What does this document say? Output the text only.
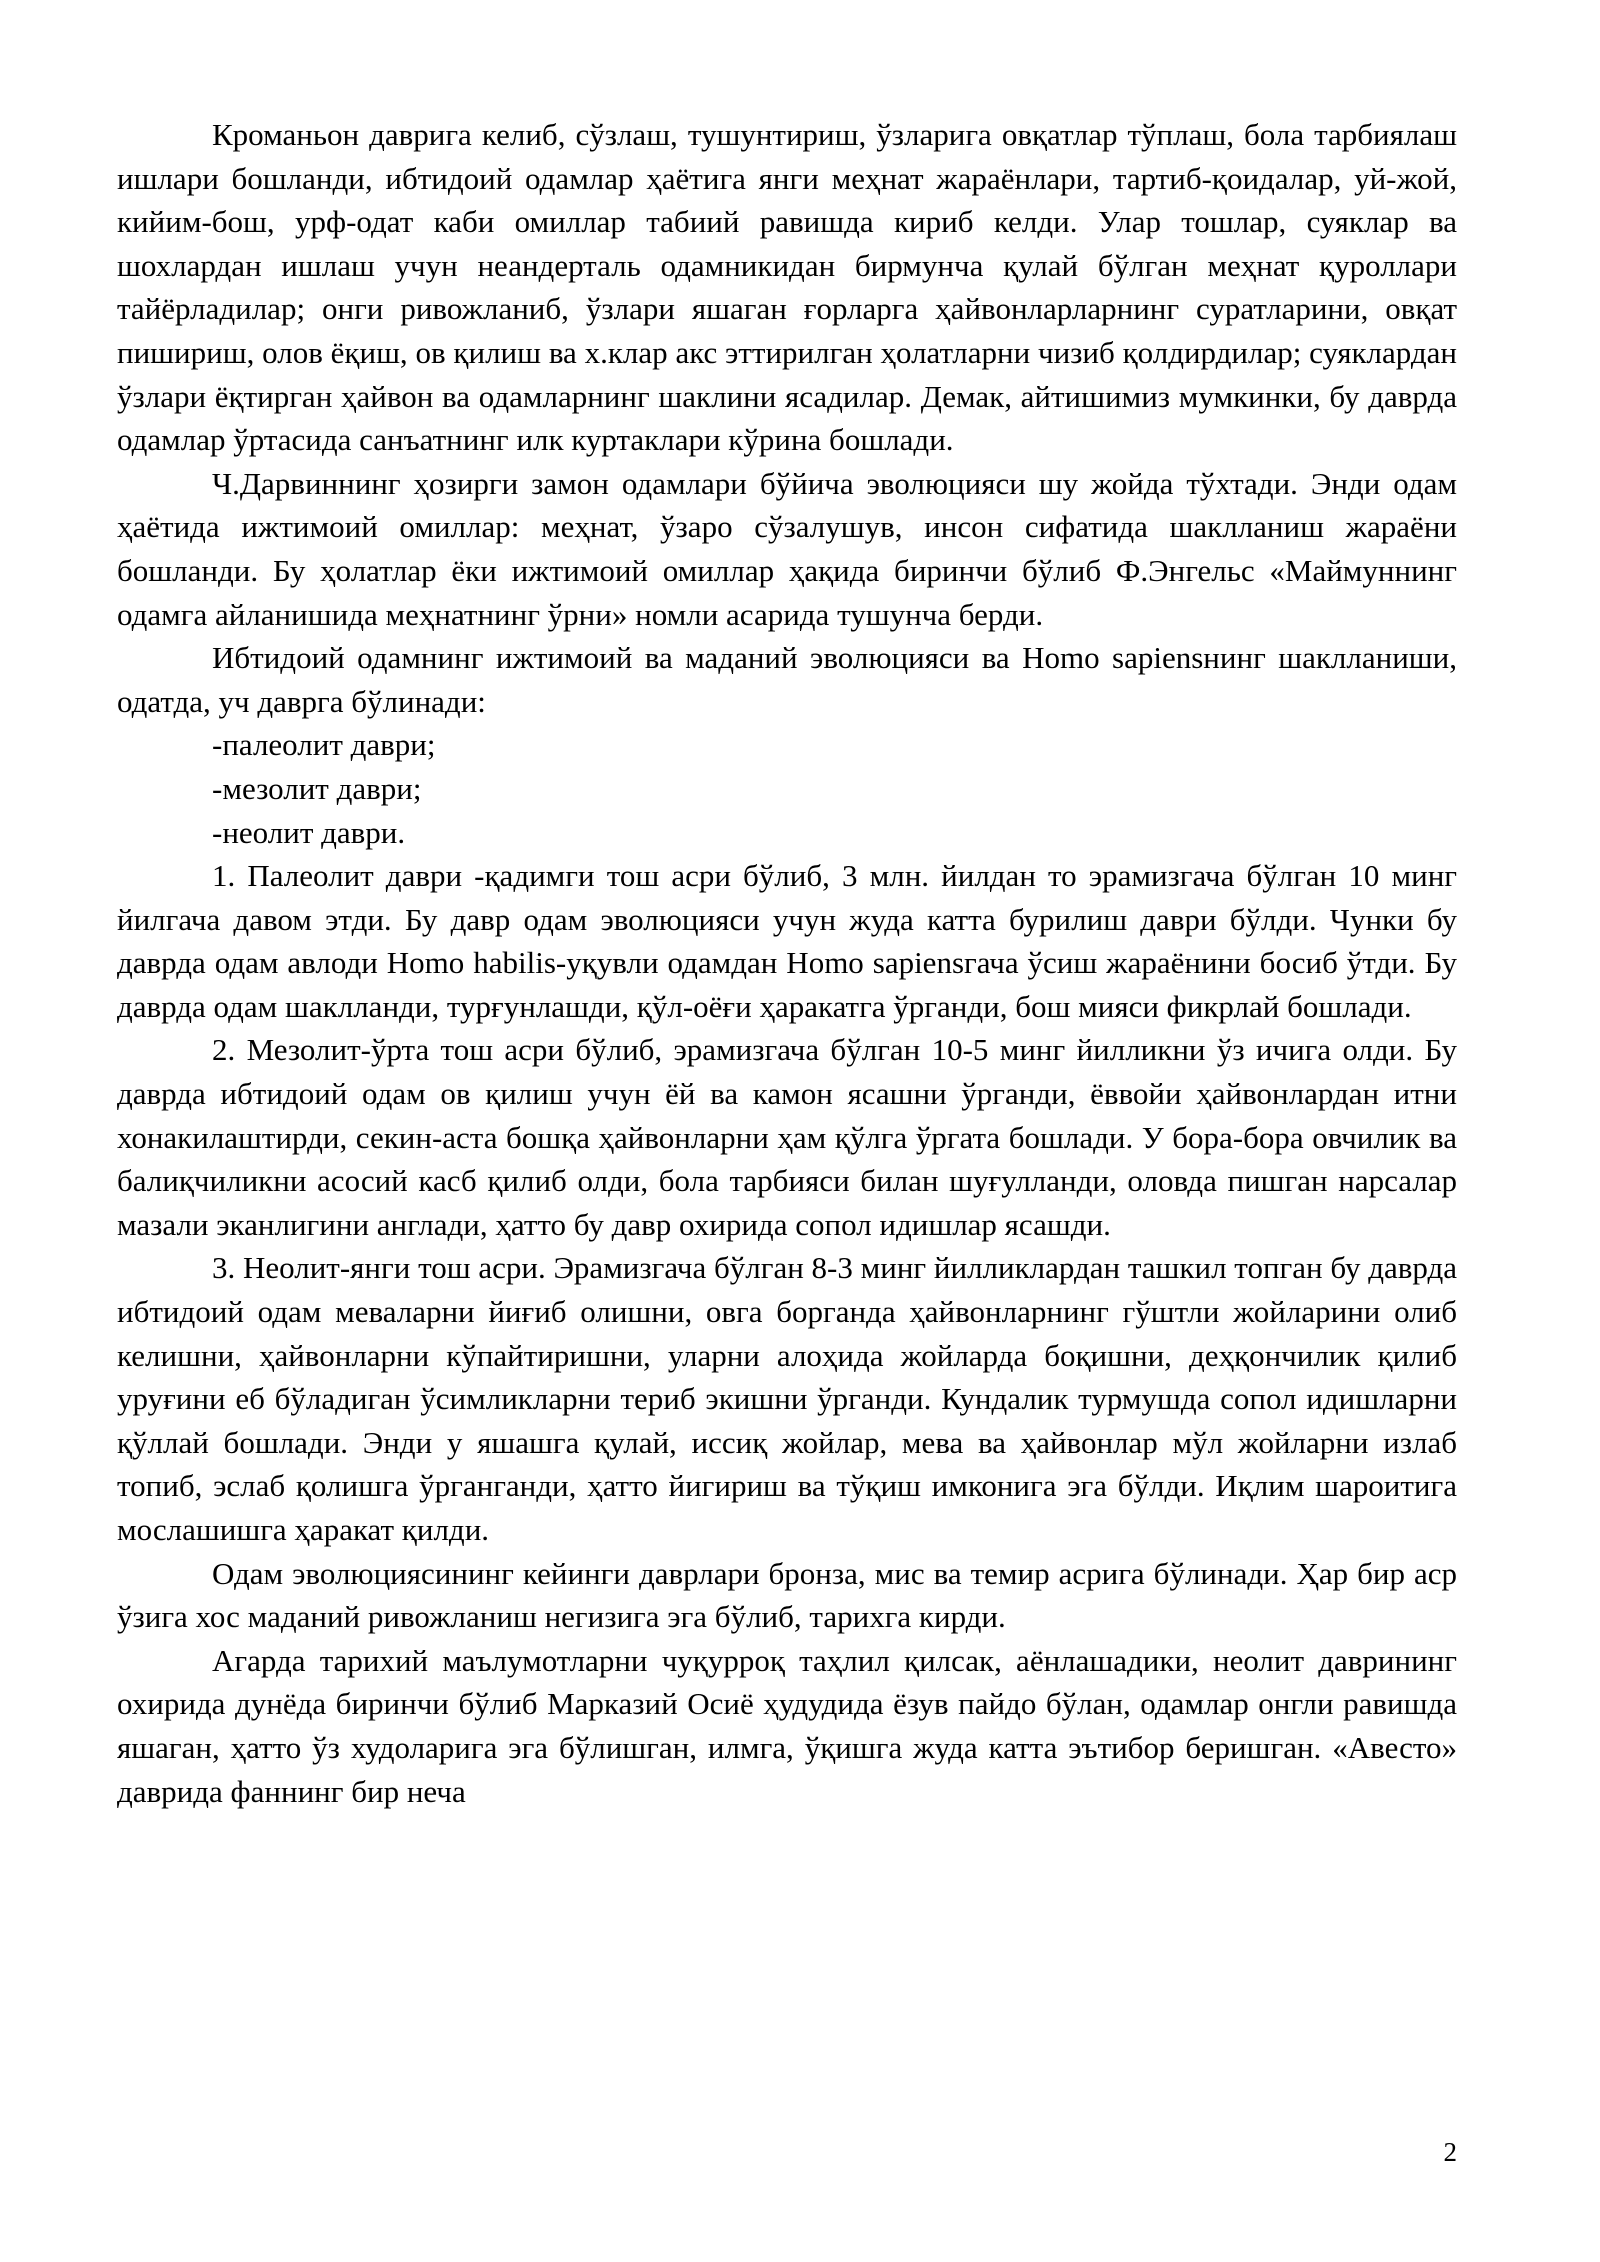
Кроманьон даврига келиб, сўзлаш, тушунтириш, ўзларига овқатлар тўплаш, бола тарбиялаш ишлари бошланди, ибтидоий одамлар ҳаётига янги меҳнат жараёнлари, тартиб-қоидалар, уй-жой, кийим-бош, урф-одат каби омиллар табиий равишда кириб келди. Улар тошлар, суяклар ва шохлардан ишлаш учун неандерталь одамникидан бирмунча қулай бўлган меҳнат қуроллари тайёрладилар; онги ривожланиб, ўзлари яшаган ғорларга ҳайвонларларнинг суратларини, овқат пишириш, олов ёқиш, ов қилиш ва х.клар акс эттирилган ҳолатларни чизиб қолдирдилар; суяклардан ўзлари ёқтирган ҳайвон ва одамларнинг шаклини ясадилар. Демак, айтишимиз мумкинки, бу даврда одамлар ўртасида санъатнинг илк куртаклари кўрина бошлади.

Ч.Дарвиннинг ҳозирги замон одамлари бўйича эволюцияси шу жойда тўхтади. Энди одам ҳаётида ижтимоий омиллар: меҳнат, ўзаро сўзалушув, инсон сифатида шаклланиш жараёни бошланди. Бу ҳолатлар ёки ижтимоий омиллар ҳақида биринчи бўлиб Ф.Энгельс «Маймуннинг одамга айланишида меҳнатнинг ўрни» номли асарида тушунча берди.

Ибтидоий одамнинг ижтимоий ва маданий эволюцияси ва Homo sapiensнинг шаклланиши, одатда, уч даврга бўлинади:

-палеолит даври;

-мезолит даври;

-неолит даври.

1. Палеолит даври -қадимги тош асри бўлиб, 3 млн. йилдан то эрамизгача бўлган 10 минг йилгача давом этди. Бу давр одам эволюцияси учун жуда катта бурилиш даври бўлди. Чунки бу даврда одам авлоди Homo habilis-уқувли одамдан Homo sapiensгача ўсиш жараёнини босиб ўтди. Бу даврда одам шаклланди, турғунлашди, қўл-оёғи ҳаракатга ўрганди, бош мияси фикрлай бошлади.

2. Мезолит-ўрта тош асри бўлиб, эрамизгача бўлган 10-5 минг йилликни ўз ичига олди. Бу даврда ибтидоий одам ов қилиш учун ёй ва камон ясашни ўрганди, ёввойи ҳайвонлардан итни хонакилаштирди, секин-аста бошқа ҳайвонларни ҳам қўлга ўргата бошлади. У бора-бора овчилик ва балиқчиликни асосий касб қилиб олди, бола тарбияси билан шуғулланди, оловда пишган нарсалар мазали эканлигини англади, ҳатто бу давр охирида сопол идишлар ясашди.

3. Неолит-янги тош асри. Эрамизгача бўлган 8-3 минг йилликлардан ташкил топган бу даврда ибтидоий одам меваларни йиғиб олишни, овга борганда ҳайвонларнинг гўштли жойларини олиб келишни, ҳайвонларни кўпайтиришни, уларни алоҳида жойларда боқишни, деҳқончилик қилиб уруғини еб бўладиган ўсимликларни териб экишни ўрганди. Кундалик турмушда сопол идишларни қўллай бошлади. Энди у яшашга қулай, иссиқ жойлар, мева ва ҳайвонлар мўл жойларни излаб топиб, эслаб қолишга ўрганганди, ҳатто йигириш ва тўқиш имконига эга бўлди. Иқлим шароитига мослашишга ҳаракат қилди.

Одам эволюциясининг кейинги даврлари бронза, мис ва темир асрига бўлинади. Ҳар бир аср ўзига хос маданий ривожланиш негизига эга бўлиб, тарихга кирди.

Агарда тарихий маълумотларни чуқурроқ таҳлил қилсак, аёнлашадики, неолит даврининг охирида дунёда биринчи бўлиб Марказий Осиё ҳудудида ёзув пайдо бўлан, одамлар онгли равишда яшаган, ҳатто ўз худоларига эга бўлишган, илмга, ўқишга жуда катта эътибор беришган. «Авесто» даврида фаннинг бир неча

2
